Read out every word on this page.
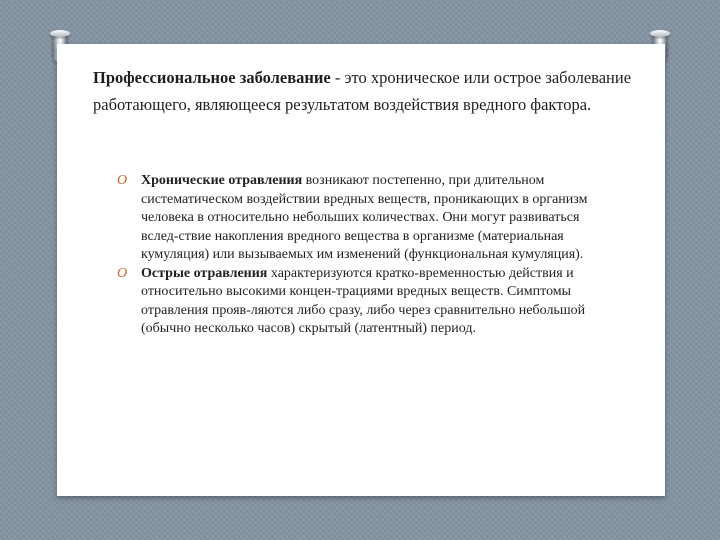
Профессиональное заболевание - это хроническое или острое заболевание работающего, являющееся результатом воздействия вредного фактора.

O Хронические отравления возникают постепенно, при длительном систематическом воздействии вредных веществ, проникающих в организм человека в относительно небольших количествах. Они могут развиваться вслед-ствие накопления вредного вещества в организме (материальная кумуляция) или вызываемых им изменений (функциональная кумуляция).
O Острые отравления характеризуются кратко-временностью действия и относительно высокими концен-трациями вредных веществ. Симптомы отравления прояв-ляются либо сразу, либо через сравнительно небольшой (обычно несколько часов) скрытый (латентный) период.
